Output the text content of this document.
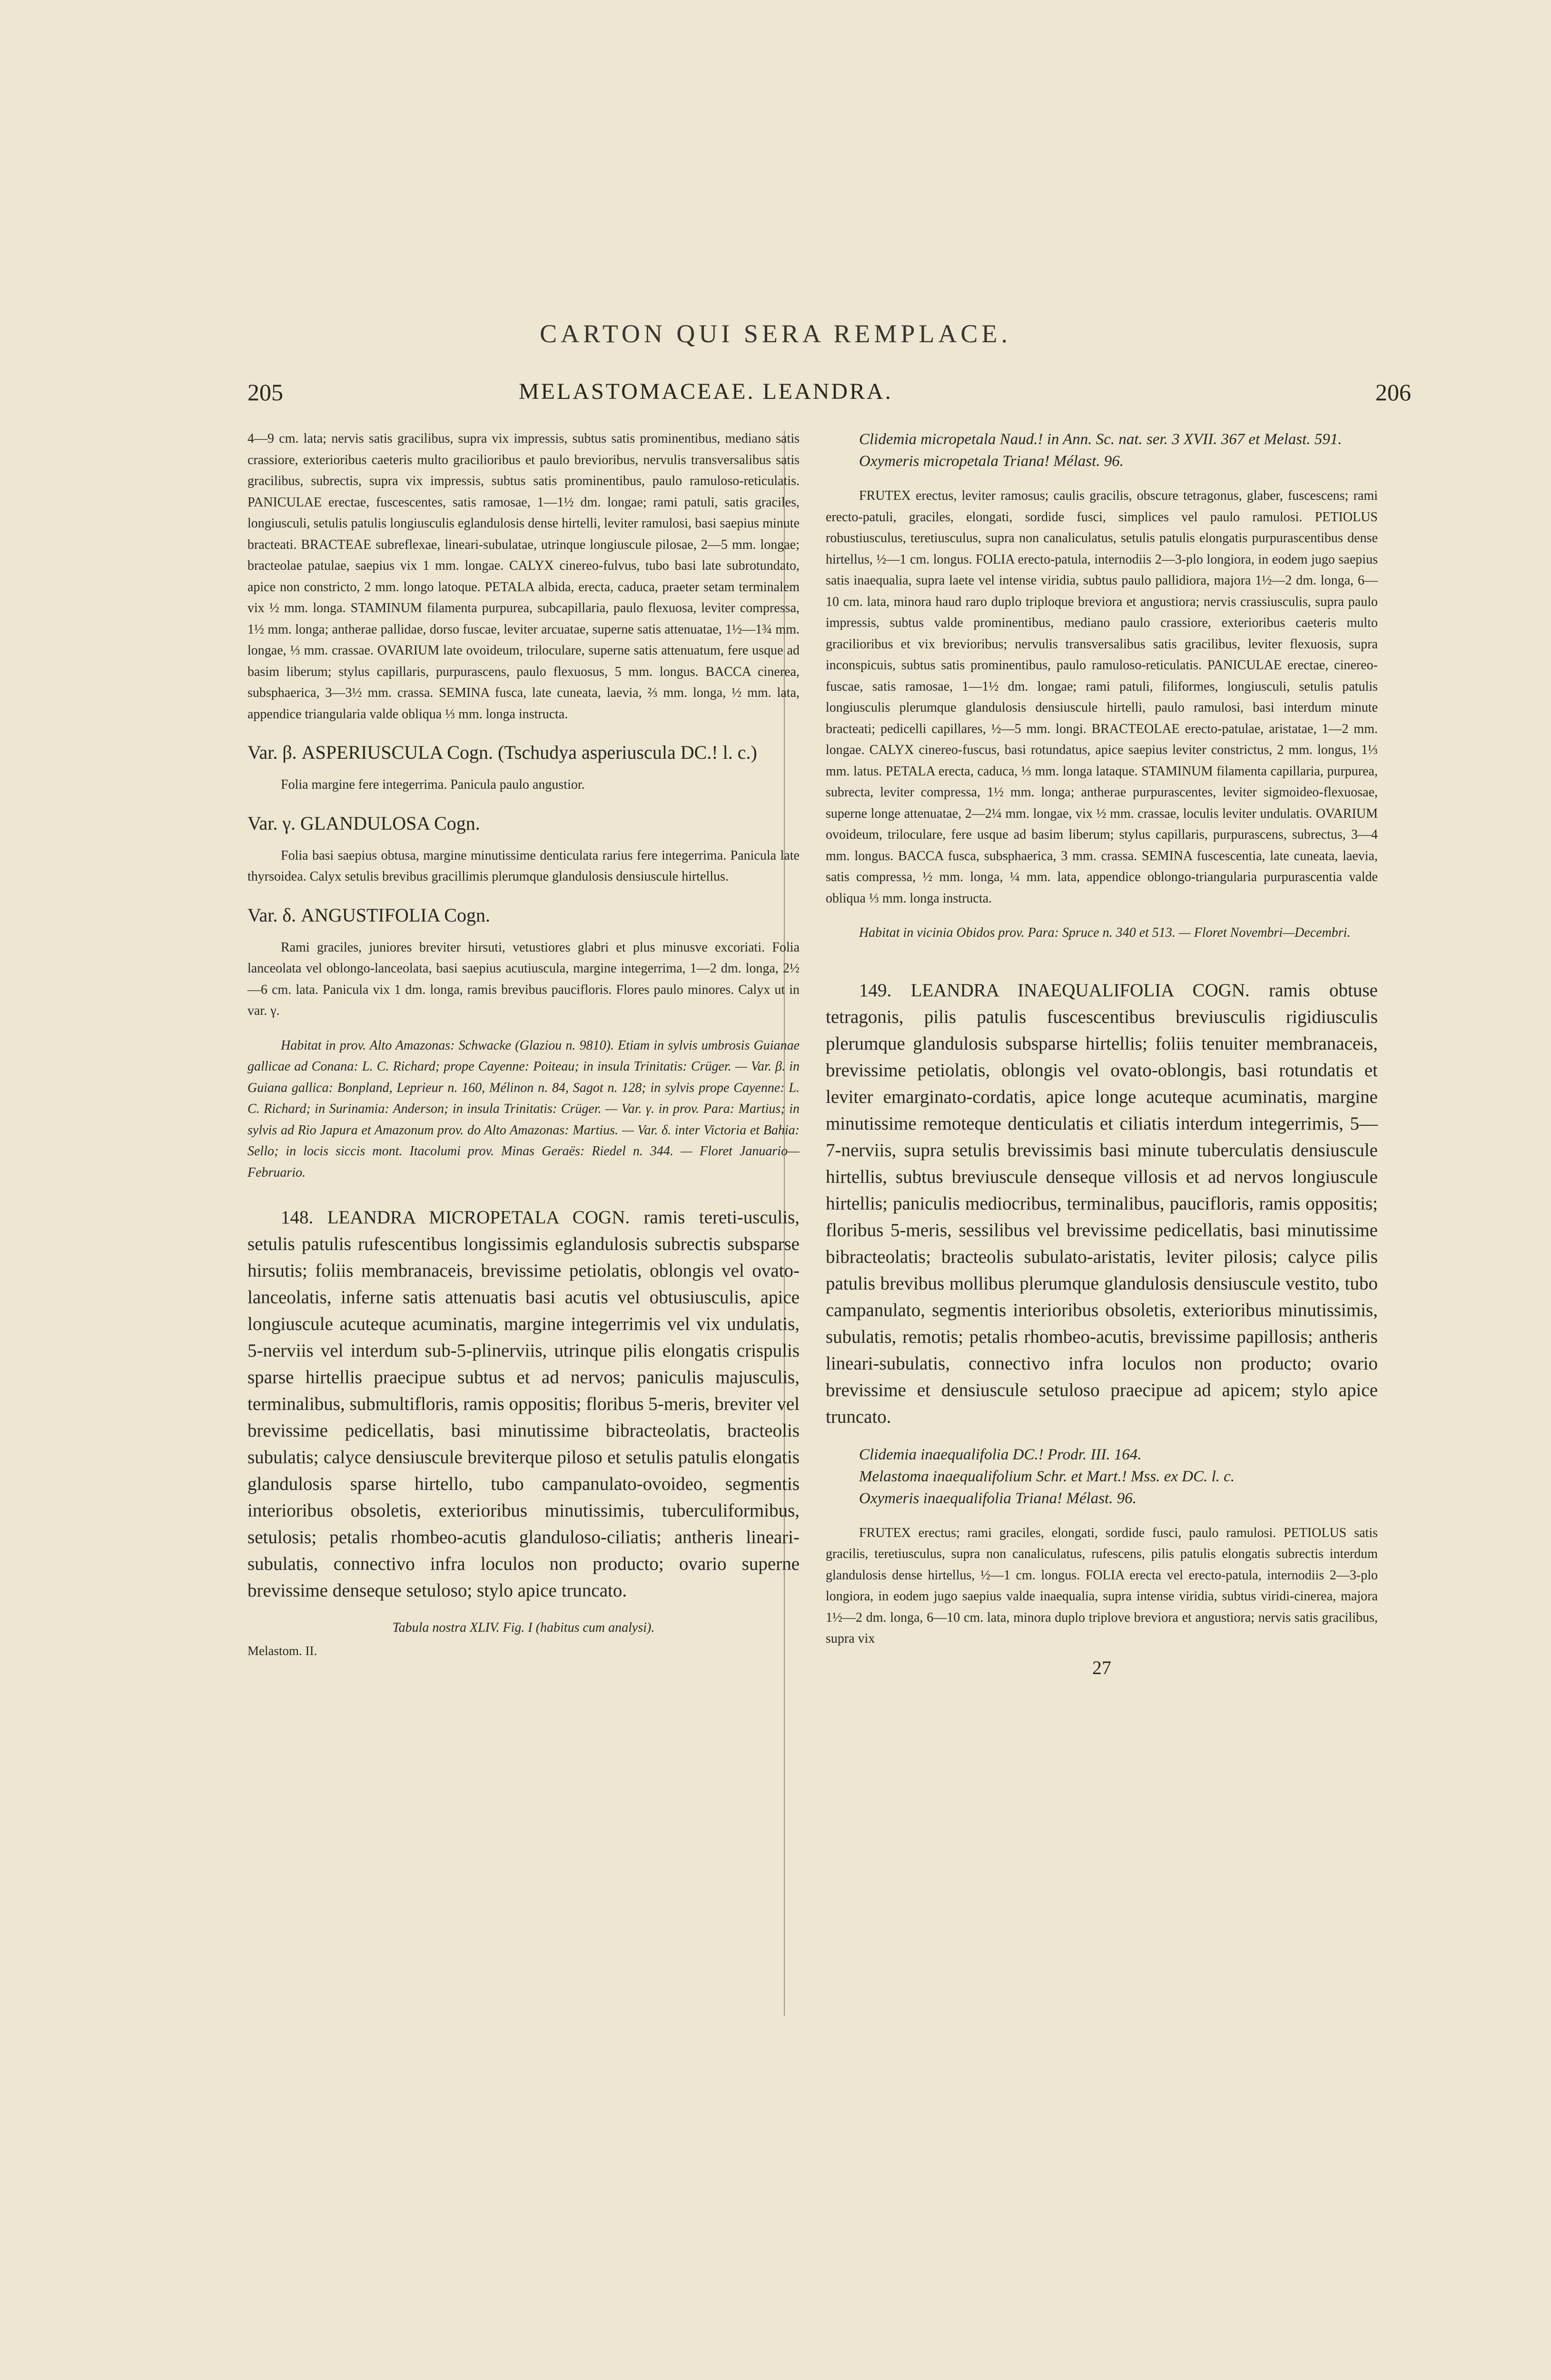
CARTON QUI SERA REMPLACE.
205	MELASTOMACEAE. LEANDRA.	206

4—9 cm. lata; nervis satis gracilibus, supra vix impressis, subtus satis prominentibus, mediano satis crassiore, exterioribus caeteris multo gracilioribus et paulo brevioribus, nervulis transversalibus satis gracilibus, subrectis, supra vix impressis, subtus satis prominentibus, paulo ramuloso-reticulatis. PANICULAE erectae, fuscescentes, satis ramosae, 1—1½ dm. longae; rami patuli, satis graciles, longiusculi, setulis patulis longiusculis eglandulosis dense hirtelli, leviter ramulosi, basi saepius minute bracteati. BRACTEAE subreflexae, lineari-subulatae, utrinque longiuscule pilosae, 2—5 mm. longae; bracteolae patulae, saepius vix 1 mm. longae. CALYX cinereo-fulvus, tubo basi late subrotundato, apice non constricto, 2 mm. longo latoque. PETALA albida, erecta, caduca, praeter setam terminalem vix ½ mm. longa. STAMINUM filamenta purpurea, subcapillaria, paulo flexuosa, leviter compressa, 1½ mm. longa; antherae pallidae, dorso fuscae, leviter arcuatae, superne satis attenuatae, 1½—1¾ mm. longae, ⅓ mm. crassae. OVARIUM late ovoideum, triloculare, superne satis attenuatum, fere usque ad basim liberum; stylus capillaris, purpurascens, paulo flexuosus, 5 mm. longus. BACCA cinerea, subsphaerica, 3—3½ mm. crassa. SEMINA fusca, late cuneata, laevia, ⅔ mm. longa, ½ mm. lata, appendice triangularia valde obliqua ⅓ mm. longa instructa.

Var. β. ASPERIUSCULA Cogn. (Tschudya asperiuscula DC.! l. c.)

Folia margine fere integerrima. Panicula paulo angustior.

Var. γ. GLANDULOSA Cogn.

Folia basi saepius obtusa, margine minutissime denticulata rarius fere integerrima. Panicula late thyrsoidea. Calyx setulis brevibus gracillimis plerumque glandulosis densiuscule hirtellus.

Var. δ. ANGUSTIFOLIA Cogn.

Rami graciles, juniores breviter hirsuti, vetustiores glabri et plus minusve excoriati. Folia lanceolata vel oblongo-lanceolata, basi saepius acutiuscula, margine integerrima, 1—2 dm. longa, 2½—6 cm. lata. Panicula vix 1 dm. longa, ramis brevibus paucifloris. Flores paulo minores. Calyx ut in var. γ.

Habitat in prov. Alto Amazonas: Schwacke (Glaziou n. 9810). Etiam in sylvis umbrosis Guianae gallicae ad Conana: L. C. Richard; prope Cayenne: Poiteau; in insula Trinitatis: Crüger. — Var. β. in Guiana gallica: Bonpland, Leprieur n. 160, Mélinon n. 84, Sagot n. 128; in sylvis prope Cayenne: L. C. Richard; in Surinamia: Anderson; in insula Trinitatis: Crüger. — Var. γ. in prov. Para: Martius; in sylvis ad Rio Japura et Amazonum prov. do Alto Amazonas: Martius. — Var. δ. inter Victoria et Bahia: Sello; in locis siccis mont. Itacolumi prov. Minas Geraës: Riedel n. 344. — Floret Januario—Februario.

148. LEANDRA MICROPETALA COGN. ramis tereti-usculis, setulis patulis rufescentibus longissimis eglandulosis subrectis subsparse hirsutis; foliis membranaceis, brevissime petiolatis, oblongis vel ovato-lanceolatis, inferne satis attenuatis basi acutis vel obtusiusculis, apice longiuscule acuteque acuminatis, margine integerrimis vel vix undulatis, 5-nerviis vel interdum sub-5-plinerviis, utrinque pilis elongatis crispulis sparse hirtellis praecipue subtus et ad nervos; paniculis majusculis, terminalibus, submultifloris, ramis oppositis; floribus 5-meris, breviter vel brevissime pedicellatis, basi minutissime bibracteolatis, bracteolis subulatis; calyce densiuscule breviterque piloso et setulis patulis elongatis glandulosis sparse hirtello, tubo campanulato-ovoideo, segmentis interioribus obsoletis, exterioribus minutissimis, tuberculiformibus, setulosis; petalis rhombeo-acutis glanduloso-ciliatis; antheris lineari-subulatis, connectivo infra loculos non producto; ovario superne brevissime denseque setuloso; stylo apice truncato.

Tabula nostra XLIV. Fig. I (habitus cum analysi).

Melastom. II.

Clidemia micropetala Naud.! in Ann. Sc. nat. ser. 3 XVII. 367 et Melast. 591.

Oxymeris micropetala Triana! Mélast. 96.

FRUTEX erectus, leviter ramosus; caulis gracilis, obscure tetragonus, glaber, fuscescens; rami erecto-patuli, graciles, elongati, sordide fusci, simplices vel paulo ramulosi. PETIOLUS robustiusculus, teretiusculus, supra non canaliculatus, setulis patulis elongatis purpurascentibus dense hirtellus, ½—1 cm. longus. FOLIA erecto-patula, internodiis 2—3-plo longiora, in eodem jugo saepius satis inaequalia, supra laete vel intense viridia, subtus paulo pallidiora, majora 1½—2 dm. longa, 6—10 cm. lata, minora haud raro duplo triploque breviora et angustiora; nervis crassiusculis, supra paulo impressis, subtus valde prominentibus, mediano paulo crassiore, exterioribus caeteris multo gracilioribus et vix brevioribus; nervulis transversalibus satis gracilibus, leviter flexuosis, supra inconspicuis, subtus satis prominentibus, paulo ramuloso-reticulatis. PANICULAE erectae, cinereo-fuscae, satis ramosae, 1—1½ dm. longae; rami patuli, filiformes, longiusculi, setulis patulis longiusculis plerumque glandulosis densiuscule hirtelli, paulo ramulosi, basi interdum minute bracteati; pedicelli capillares, ½—5 mm. longi. BRACTEOLAE erecto-patulae, aristatae, 1—2 mm. longae. CALYX cinereo-fuscus, basi rotundatus, apice saepius leviter constrictus, 2 mm. longus, 1⅓ mm. latus. PETALA erecta, caduca, ⅓ mm. longa lataque. STAMINUM filamenta capillaria, purpurea, subrecta, leviter compressa, 1½ mm. longa; antherae purpurascentes, leviter sigmoideo-flexuosae, superne longe attenuatae, 2—2¼ mm. longae, vix ½ mm. crassae, loculis leviter undulatis. OVARIUM ovoideum, triloculare, fere usque ad basim liberum; stylus capillaris, purpurascens, subrectus, 3—4 mm. longus. BACCA fusca, subsphaerica, 3 mm. crassa. SEMINA fuscescentia, late cuneata, laevia, satis compressa, ½ mm. longa, ¼ mm. lata, appendice oblongo-triangularia purpurascentia valde obliqua ⅓ mm. longa instructa.

Habitat in vicinia Obidos prov. Para: Spruce n. 340 et 513. — Floret Novembri—Decembri.

149. LEANDRA INAEQUALIFOLIA COGN. ramis obtuse tetragonis, pilis patulis fuscescentibus breviusculis rigidiusculis plerumque glandulosis subsparse hirtellis; foliis tenuiter membranaceis, brevissime petiolatis, oblongis vel ovato-oblongis, basi rotundatis et leviter emarginato-cordatis, apice longe acuteque acuminatis, margine minutissime remoteque denticulatis et ciliatis interdum integerrimis, 5—7-nerviis, supra setulis brevissimis basi minute tuberculatis densiuscule hirtellis, subtus breviuscule denseque villosis et ad nervos longiuscule hirtellis; paniculis mediocribus, terminalibus, paucifloris, ramis oppositis; floribus 5-meris, sessilibus vel brevissime pedicellatis, basi minutissime bibracteolatis; bracteolis subulato-aristatis, leviter pilosis; calyce pilis patulis brevibus mollibus plerumque glandulosis densiuscule vestito, tubo campanulato, segmentis interioribus obsoletis, exterioribus minutissimis, subulatis, remotis; petalis rhombeo-acutis, brevissime papillosis; antheris lineari-subulatis, connectivo infra loculos non producto; ovario brevissime et densiuscule setuloso praecipue ad apicem; stylo apice truncato.

Clidemia inaequalifolia DC.! Prodr. III. 164.

Melastoma inaequalifolium Schr. et Mart.! Mss. ex DC. l. c.

Oxymeris inaequalifolia Triana! Mélast. 96.

FRUTEX erectus; rami graciles, elongati, sordide fusci, paulo ramulosi. PETIOLUS satis gracilis, teretiusculus, supra non canaliculatus, rufescens, pilis patulis elongatis subrectis interdum glandulosis dense hirtellus, ½—1 cm. longus. FOLIA erecta vel erecto-patula, internodiis 2—3-plo longiora, in eodem jugo saepius valde inaequalia, supra intense viridia, subtus viridi-cinerea, majora 1½—2 dm. longa, 6—10 cm. lata, minora duplo triplove breviora et angustiora; nervis satis gracilibus, supra vix

27
